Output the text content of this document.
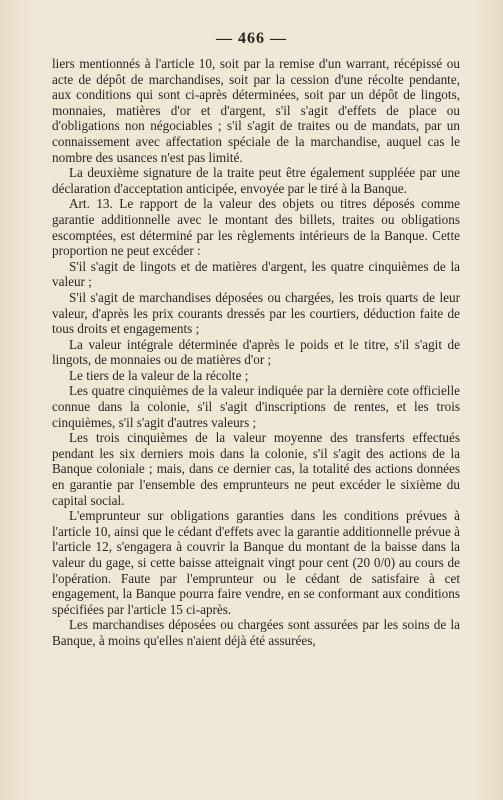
— 466 —

liers mentionnés à l'article 10, soit par la remise d'un warrant, récépissé ou acte de dépôt de marchandises, soit par la cession d'une récolte pendante, aux conditions qui sont ci-après déterminées, soit par un dépôt de lingots, monnaies, matières d'or et d'argent, s'il s'agit d'effets de place ou d'obligations non négociables ; s'il s'agit de traites ou de mandats, par un connaissement avec affectation spéciale de la marchandise, auquel cas le nombre des usances n'est pas limité.

La deuxième signature de la traite peut être également suppléée par une déclaration d'acceptation anticipée, envoyée par le tiré à la Banque.

Art. 13. Le rapport de la valeur des objets ou titres déposés comme garantie additionnelle avec le montant des billets, traites ou obligations escomptées, est déterminé par les règlements intérieurs de la Banque. Cette proportion ne peut excéder :

S'il s'agit de lingots et de matières d'argent, les quatre cinquièmes de la valeur ;

S'il s'agit de marchandises déposées ou chargées, les trois quarts de leur valeur, d'après les prix courants dressés par les courtiers, déduction faite de tous droits et engagements ;

La valeur intégrale déterminée d'après le poids et le titre, s'il s'agit de lingots, de monnaies ou de matières d'or ;

Le tiers de la valeur de la récolte ;

Les quatre cinquièmes de la valeur indiquée par la dernière cote officielle connue dans la colonie, s'il s'agit d'inscriptions de rentes, et les trois cinquièmes, s'il s'agit d'autres valeurs ;

Les trois cinquièmes de la valeur moyenne des transferts effectués pendant les six derniers mois dans la colonie, s'il s'agit des actions de la Banque coloniale ; mais, dans ce dernier cas, la totalité des actions données en garantie par l'ensemble des emprunteurs ne peut excéder le sixième du capital social.

L'emprunteur sur obligations garanties dans les conditions prévues à l'article 10, ainsi que le cédant d'effets avec la garantie additionnelle prévue à l'article 12, s'engagera à couvrir la Banque du montant de la baisse dans la valeur du gage, si cette baisse atteignait vingt pour cent (20 0/0) au cours de l'opération. Faute par l'emprunteur ou le cédant de satisfaire à cet engagement, la Banque pourra faire vendre, en se conformant aux conditions spécifiées par l'article 15 ci-après.

Les marchandises déposées ou chargées sont assurées par les soins de la Banque, à moins qu'elles n'aient déjà été assurées,
